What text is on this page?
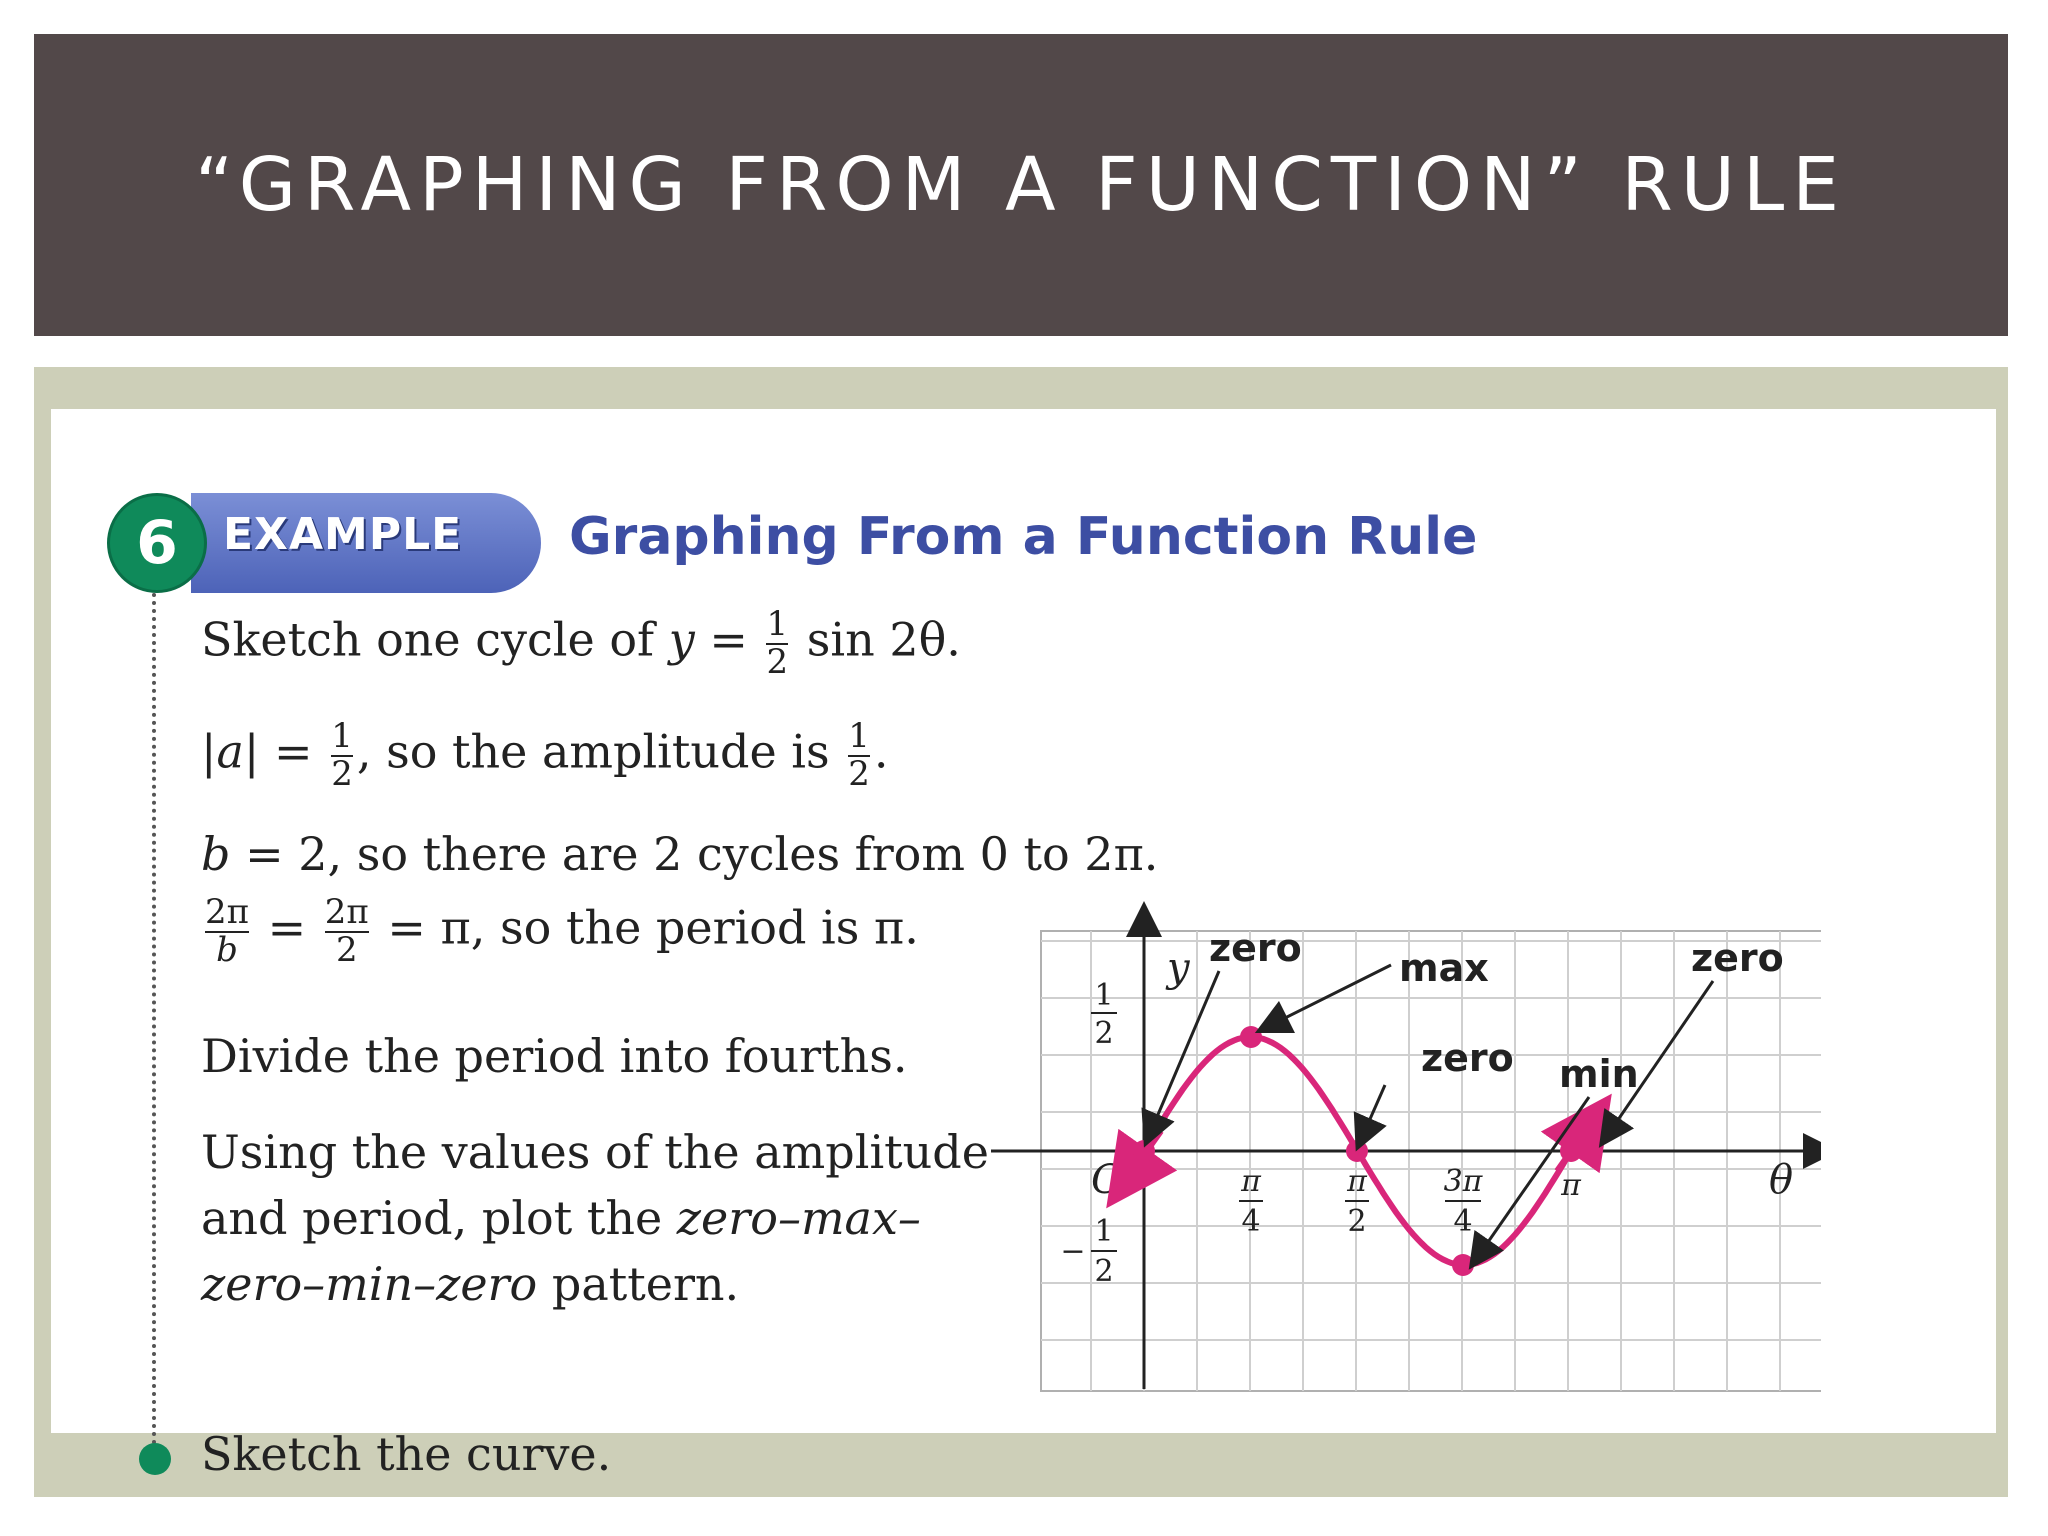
“GRAPHING FROM A FUNCTION” RULE
EXAMPLE
6	Graphing From a Function Rule
Sketch one cycle of $y = \frac{1}{2}$ sin 2θ.
$|a| = \frac{1}{2}$ , so the amplitude is $\frac{1}{2}$ .
b = 2, so there are 2 cycles from 0 to 2π.
$\frac{2\pi}{b} = \frac{2\pi}{2} = \pi$, so the period is π.
Divide the period into fourths.
Using the values of the amplitude
and period, plot the zero–max–
zero–min–zero pattern.
Sketch the curve.
y
θ
O
1
2
−
1
2
π
4
π
2
3π
4
π
zero	max
zero min
zero
